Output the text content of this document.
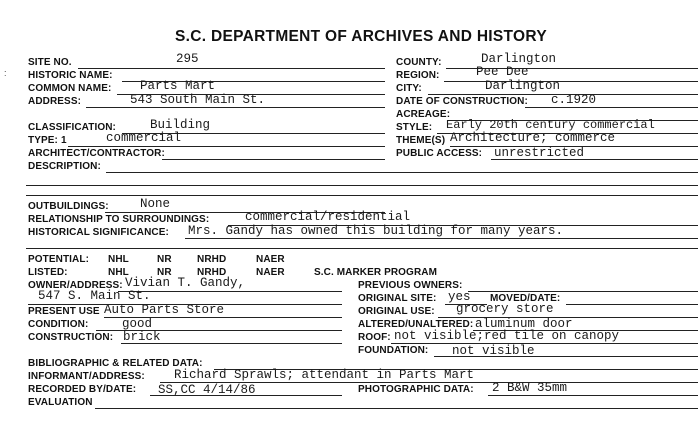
S.C. DEPARTMENT OF ARCHIVES AND HISTORY
:
SITE NO.	295
HISTORIC NAME:
COMMON NAME: Parts Mart
ADDRESS:	543 South Main St.
COUNTY:	Darlington
REGION:	Pee Dee
CITY:	Darlington
DATE OF CONSTRUCTION: c.1920
ACREAGE:
CLASSIFICATION:	Building
TYPE: 1	commercial
ARCHITECT/CONTRACTOR:
DESCRIPTION:
STYLE: Early 20th century commercial
THEME(S) Architecture; commerce
PUBLIC ACCESS: unrestricted
OUTBUILDINGS:	None
RELATIONSHIP TO SURROUNDINGS:	commercial/residential
HISTORICAL SIGNIFICANCE: Mrs. Gandy has owned this building for many years.
POTENTIAL: NHL	NR	NRHD	NAER
LISTED:	NHL	NR	NRHD	NAER	S.C. MARKER PROGRAM
OWNER/ADDRESS: Vivian T. Gandy,
547 S. Main St.
PRESENT USE Auto Parts Store
CONDITION:	good
CONSTRUCTION: brick
PREVIOUS OWNERS:
ORIGINAL SITE: yes MOVED/DATE:
ORIGINAL USE: grocery store
ALTERED/UNALTERED: aluminum door
ROOF: not visible;red tile on canopy
FOUNDATION: not visible
BIBLIOGRAPHIC & RELATED DATA:
INFORMANT/ADDRESS: Richard Sprawls; attendant in Parts Mart
RECORDED BY/DATE: SS,CC 4/14/86	PHOTOGRAPHIC DATA: 2 B&W 35mm
EVALUATION
